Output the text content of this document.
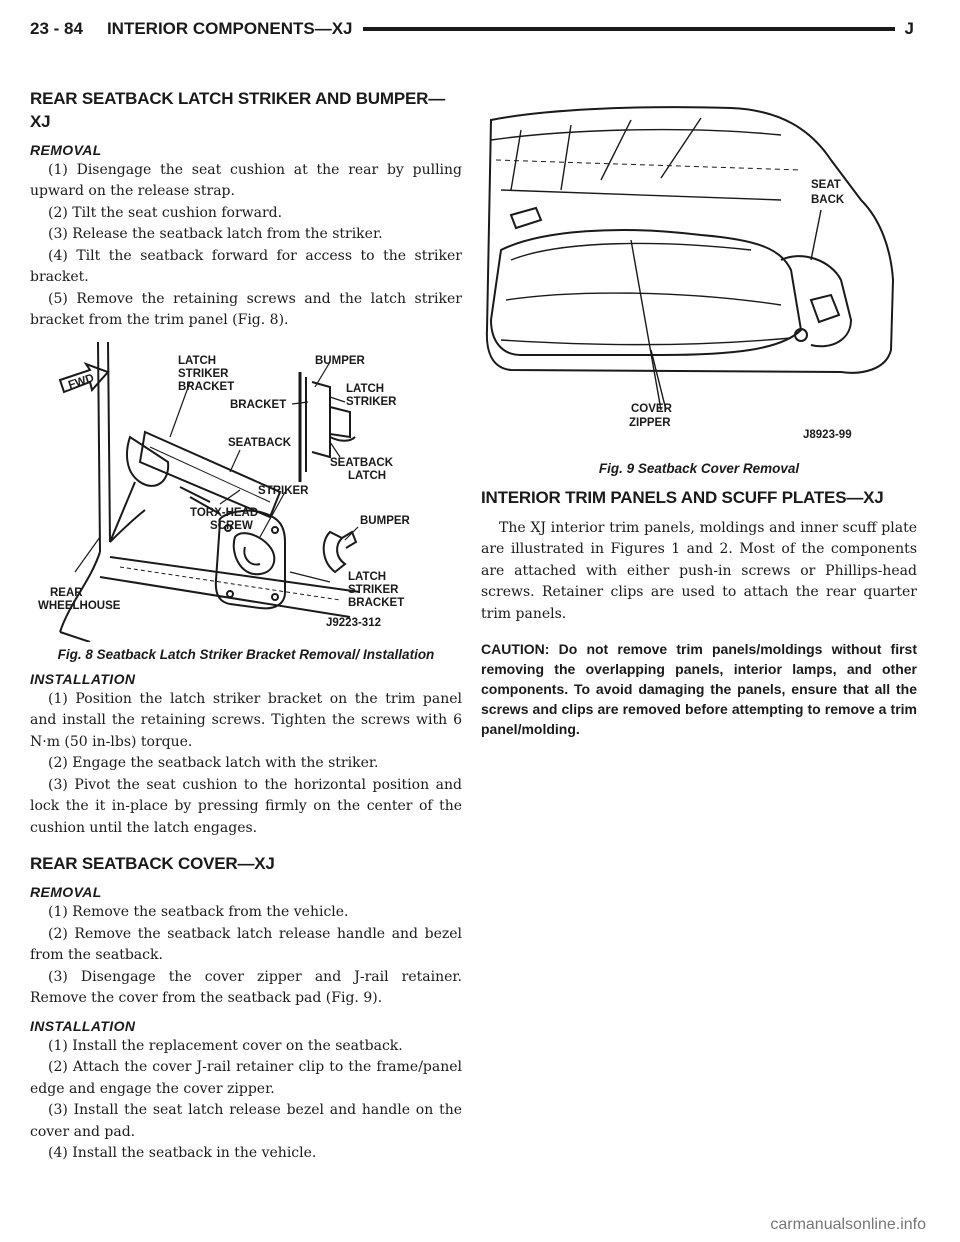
23 - 84 INTERIOR COMPONENTS—XJ	J
REAR SEATBACK LATCH STRIKER AND BUMPER—XJ
REMOVAL

(1) Disengage the seat cushion at the rear by pulling upward on the release strap.

(2) Tilt the seat cushion forward.

(3) Release the seatback latch from the striker.

(4) Tilt the seatback forward for access to the striker bracket.

(5) Remove the retaining screws and the latch striker bracket from the trim panel (Fig. 8).

FWD
LATCH
STRIKER
BRACKET
BUMPER
BRACKET
LATCH
STRIKER
SEATBACK
SEATBACK
LATCH
TORX-HEAD
SCREW
STRIKER
BUMPER
LATCH
STRIKER
BRACKET
REAR
WHEELHOUSE
J9223-312
Fig. 8 Seatback Latch Striker Bracket Removal/ Installation
INSTALLATION

(1) Position the latch striker bracket on the trim panel and install the retaining screws. Tighten the screws with 6 N·m (50 in-lbs) torque.

(2) Engage the seatback latch with the striker.

(3) Pivot the seat cushion to the horizontal position and lock the it in-place by pressing firmly on the center of the cushion until the latch engages.

REAR SEATBACK COVER—XJ
REMOVAL

(1) Remove the seatback from the vehicle.

(2) Remove the seatback latch release handle and bezel from the seatback.

(3) Disengage the cover zipper and J-rail retainer. Remove the cover from the seatback pad (Fig. 9).

INSTALLATION

(1) Install the replacement cover on the seatback.

(2) Attach the cover J-rail retainer clip to the frame/panel edge and engage the cover zipper.

(3) Install the seat latch release bezel and handle on the cover and pad.

(4) Install the seatback in the vehicle.

SEAT
BACK
COVER
ZIPPER
J8923-99
Fig. 9 Seatback Cover Removal
INTERIOR TRIM PANELS AND SCUFF PLATES—XJ

The XJ interior trim panels, moldings and inner scuff plate are illustrated in Figures 1 and 2. Most of the components are attached with either push-in screws or Phillips-head screws. Retainer clips are used to attach the rear quarter trim panels.

CAUTION: Do not remove trim panels/moldings without first removing the overlapping panels, interior lamps, and other components. To avoid damaging the panels, ensure that all the screws and clips are removed before attempting to remove a trim panel/molding.
carmanualsonline.info
